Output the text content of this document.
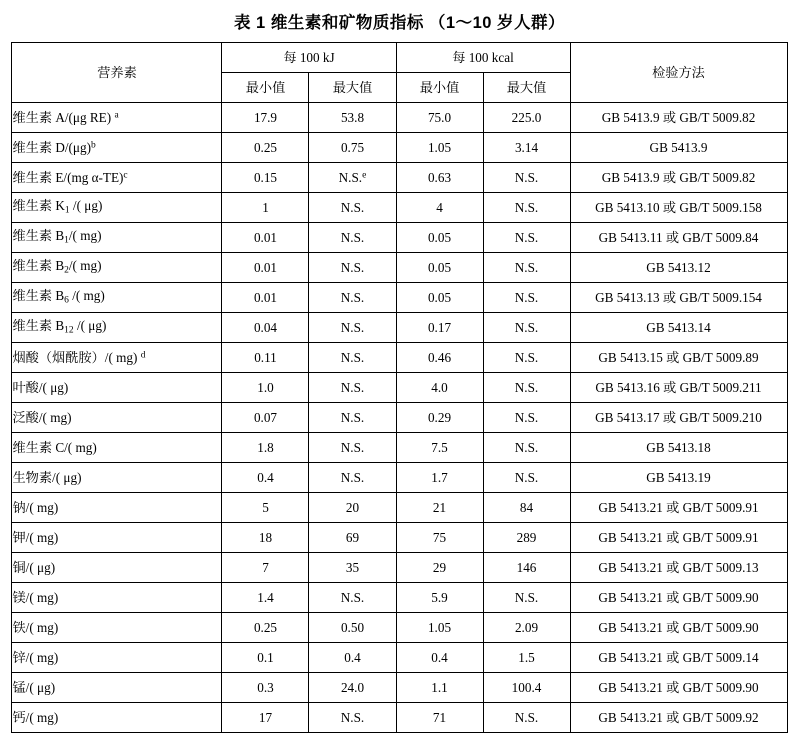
表 1 维生素和矿物质指标 （1～10 岁人群）
营养素	每 100 kJ		每 100 kcal		检验方法
	最小值	最大值	最小值	最大值	
维生素 A/(μg RE) $^a$	17.9	53.8	75.0	225.0	GB 5413.9 或 GB/T 5009.82
维生素 $D/(\mu g)^b$	0.25	0.75	1.05	3.14	GB 5413.9
维生素 E/(mg α-TE)$^c$	0.15	N.S.$^e$	0.63	N.S.	GB 5413.9 或 GB/T 5009.82
维生素 $K_1$ /( μg)	1	N.S.	4	N.S.	GB 5413.10 或 GB/T 5009.158
维生素 $B_1/$( mg)	0.01	N.S.	0.05	N.S.	GB 5413.11 或 GB/T 5009.84
维生素 $B_2/$( mg)	0.01	N.S.	0.05	N.S.	GB 5413.12
维生素 $B_6$ /( mg)	0.01	N.S.	0.05	N.S.	GB 5413.13 或 GB/T 5009.154
维生素 $B_{12}$ /( μg)	0.04	N.S.	0.17	N.S.	GB 5413.14
烟酸（烟酰胺）/( mg) $^d$	0.11	N.S.	0.46	N.S.	GB 5413.15 或 GB/T 5009.89
叶酸/( μg)	1.0	N.S.	4.0	N.S.	GB 5413.16 或 GB/T 5009.211
泛酸/( mg)	0.07	N.S.	0.29	N.S.	GB 5413.17 或 GB/T 5009.210
维生素 C/( mg)	1.8	N.S.	7.5	N.S.	GB 5413.18
生物素/( μg)	0.4	N.S.	1.7	N.S.	GB 5413.19
钠/( mg)	5	20	21	84	GB 5413.21 或 GB/T 5009.91
钾/( mg)	18	69	75	289	GB 5413.21 或 GB/T 5009.91
铜/( μg)	7	35	29	146	GB 5413.21 或 GB/T 5009.13
镁/( mg)	1.4	N.S.	5.9	N.S.	GB 5413.21 或 GB/T 5009.90
铁/( mg)	0.25	0.50	1.05	2.09	GB 5413.21 或 GB/T 5009.90
锌/( mg)	0.1	0.4	0.4	1.5	GB 5413.21 或 GB/T 5009.14
锰/( μg)	0.3	24.0	1.1	100.4	GB 5413.21 或 GB/T 5009.90
钙/( mg)	17	N.S.	71	N.S.	GB 5413.21 或 GB/T 5009.92
